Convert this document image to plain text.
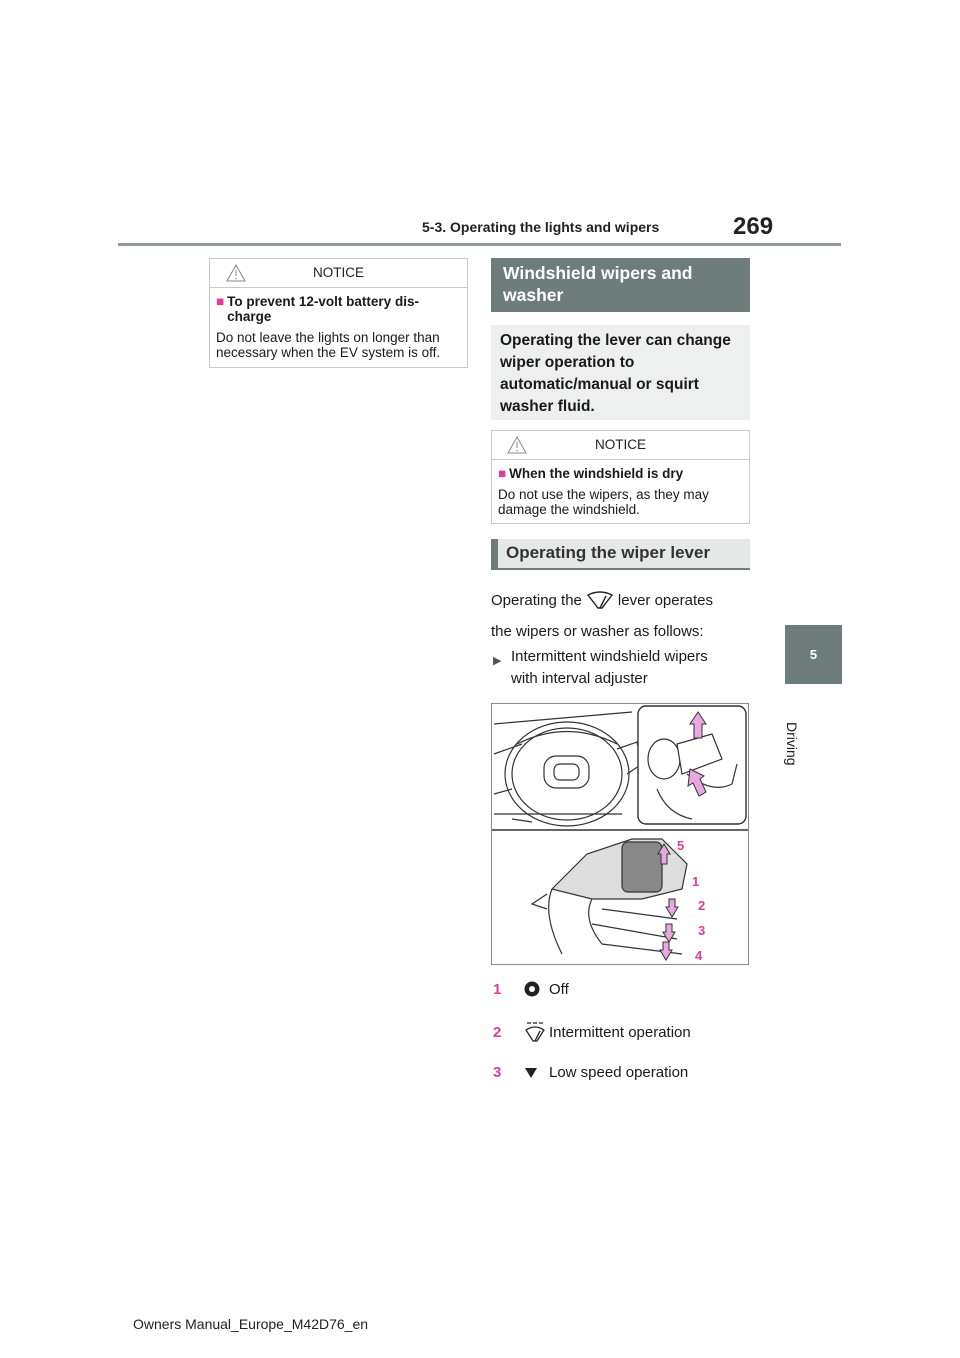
5-3. Operating the lights and wipers	269
5
Driving
NOTICE
■ To prevent 12-volt battery dis-charge
Do not leave the lights on longer than necessary when the EV system is off.
Windshield wipers and washer
Operating the lever can change wiper operation to automatic/manual or squirt washer fluid.
NOTICE
■ When the windshield is dry
Do not use the wipers, as they may damage the windshield.
Operating the wiper lever
Operating the lever operates
the wipers or washer as follows:
▶ Intermittent windshield wipers
with interval adjuster
5
1
2
3
4
1	Off
2	Intermittent operation
3	Low speed operation
Owners Manual_Europe_M42D76_en
